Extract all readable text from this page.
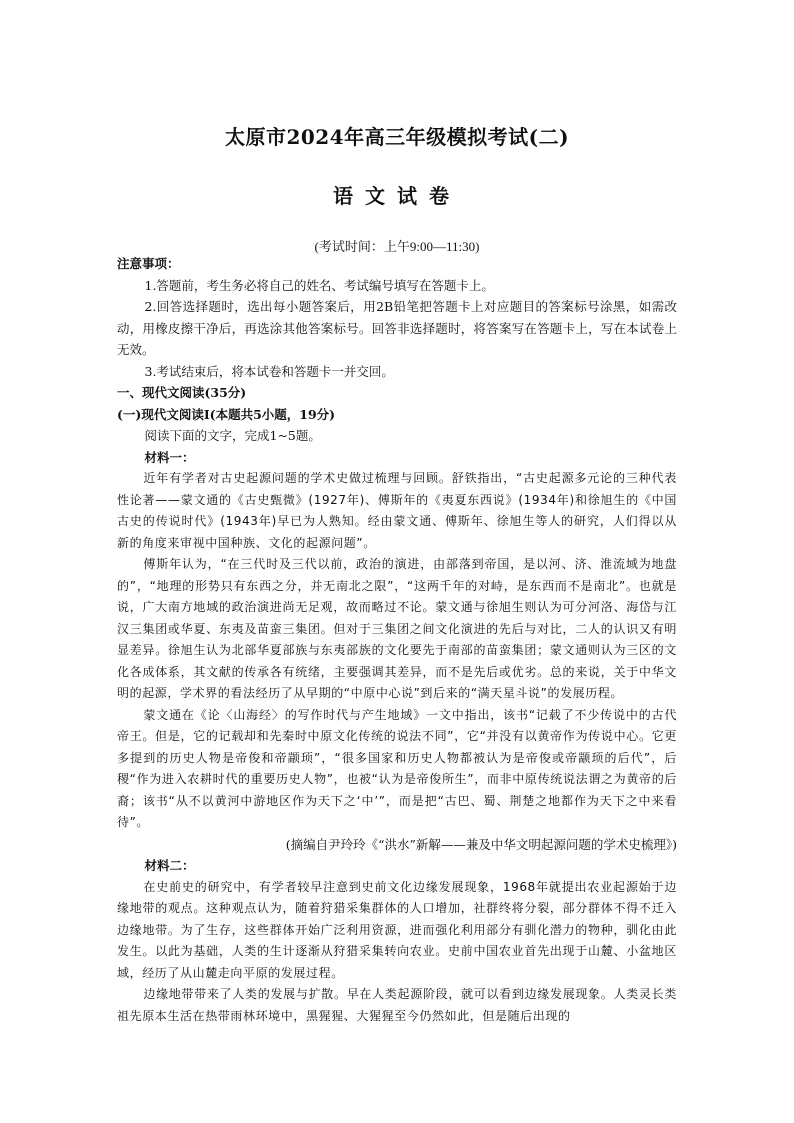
太原市2024年高三年级模拟考试(二)
语文试卷
(考试时间：上午9:00—11:30)

注意事项：

1.答题前，考生务必将自己的姓名、考试编号填写在答题卡上。

2.回答选择题时，选出每小题答案后，用2B铅笔把答题卡上对应题目的答案标号涂黑，如需改动，用橡皮擦干净后，再选涂其他答案标号。回答非选择题时，将答案写在答题卡上，写在本试卷上无效。

3.考试结束后，将本试卷和答题卡一并交回。

一、现代文阅读(35分)

(一)现代文阅读Ⅰ(本题共5小题，19分)

阅读下面的文字，完成1~5题。

材料一：

近年有学者对古史起源问题的学术史做过梳理与回顾。舒铁指出，“古史起源多元论的三种代表性论著——蒙文通的《古史甄微》(1927年)、傅斯年的《夷夏东西说》(1934年)和徐旭生的《中国古史的传说时代》(1943年)早已为人熟知。经由蒙文通、傅斯年、徐旭生等人的研究，人们得以从新的角度来审视中国种族、文化的起源问题”。

傅斯年认为，“在三代时及三代以前，政治的演进，由部落到帝国，是以河、济、淮流域为地盘的”，“地理的形势只有东西之分，并无南北之限”，“这两千年的对峙，是东西而不是南北”。也就是说，广大南方地域的政治演进尚无足观，故而略过不论。蒙文通与徐旭生则认为可分河洛、海岱与江汉三集团或华夏、东夷及苗蛮三集团。但对于三集团之间文化演进的先后与对比，二人的认识又有明显差异。徐旭生认为北部华夏部族与东夷部族的文化要先于南部的苗蛮集团；蒙文通则认为三区的文化各成体系，其文献的传承各有统绪，主要强调其差异，而不是先后或优劣。总的来说，关于中华文明的起源，学术界的看法经历了从早期的“中原中心说”到后来的“满天星斗说”的发展历程。

蒙文通在《论〈山海经〉的写作时代与产生地域》一文中指出，该书“记载了不少传说中的古代帝王。但是，它的记载却和先秦时中原文化传统的说法不同”，它“并没有以黄帝作为传说中心。它更多提到的历史人物是帝俊和帝颛顼”，“很多国家和历史人物都被认为是帝俊或帝颛顼的后代”，后稷“作为进入农耕时代的重要历史人物”，也被“认为是帝俊所生”，而非中原传统说法谓之为黄帝的后裔；该书“从不以黄河中游地区作为天下之‘中’”，而是把“古巴、蜀、荆楚之地都作为天下之中来看待”。

(摘编自尹玲玲《“洪水”新解——兼及中华文明起源问题的学术史梳理》)

材料二：

在史前史的研究中，有学者较早注意到史前文化边缘发展现象，1968年就提出农业起源始于边缘地带的观点。这种观点认为，随着狩猎采集群体的人口增加，社群终将分裂，部分群体不得不迁入边缘地带。为了生存，这些群体开始广泛利用资源，进而强化利用部分有驯化潜力的物种，驯化由此发生。以此为基础，人类的生计逐渐从狩猎采集转向农业。史前中国农业首先出现于山麓、小盆地区域，经历了从山麓走向平原的发展过程。

边缘地带带来了人类的发展与扩散。早在人类起源阶段，就可以看到边缘发展现象。人类灵长类祖先原本生活在热带雨林环境中，黑猩猩、大猩猩至今仍然如此，但是随后出现的
